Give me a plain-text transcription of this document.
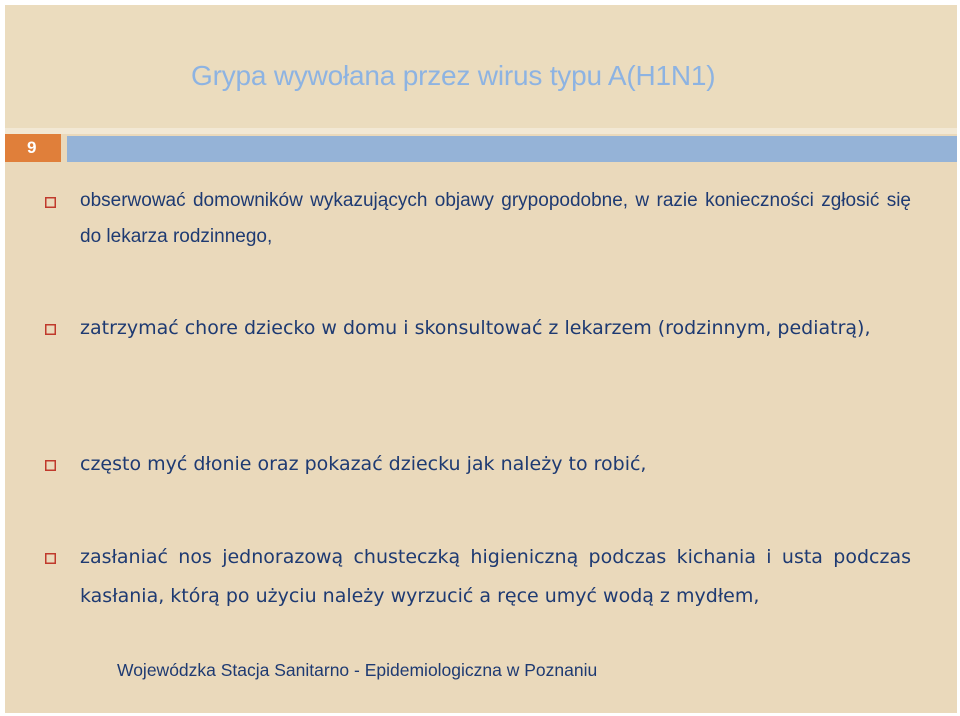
Grypa wywołana przez wirus typu A(H1N1)
9
obserwować domowników wykazujących objawy grypopodobne, w razie konieczności zgłosić się do lekarza rodzinnego,
zatrzymać chore dziecko w domu i skonsultować z lekarzem (rodzinnym, pediatrą),
często myć dłonie oraz pokazać dziecku jak należy to robić,
zasłaniać nos jednorazową chusteczką higieniczną podczas kichania i usta podczas kasłania, którą po użyciu należy wyrzucić a ręce umyć wodą z mydłem,
Wojewódzka Stacja Sanitarno - Epidemiologiczna w Poznaniu
